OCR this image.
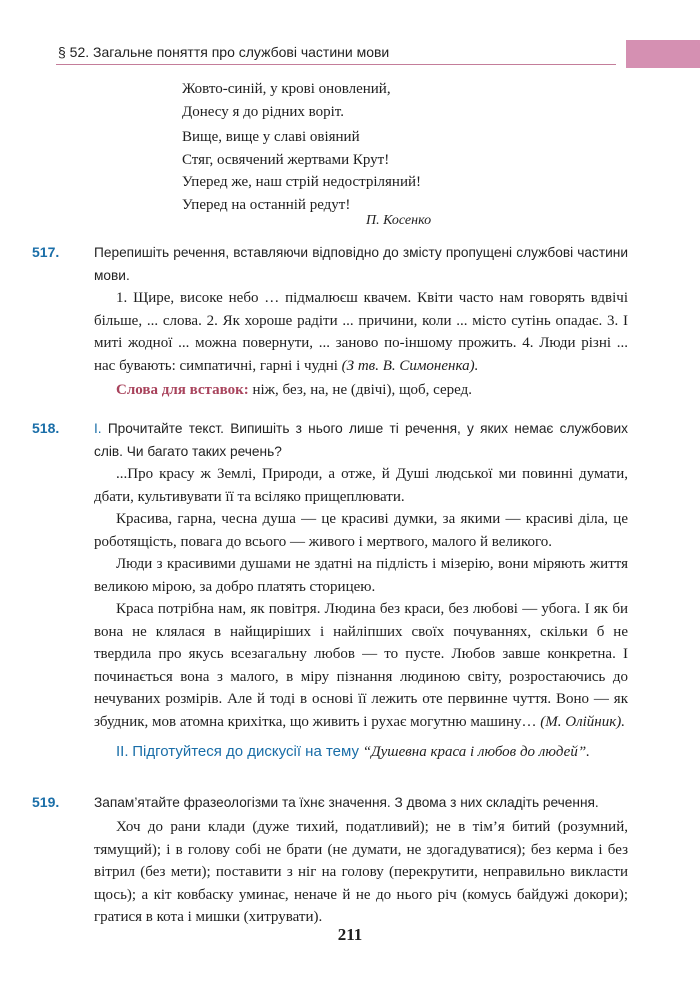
§ 52. Загальне поняття про службові частини мови
Жовто-синій, у крові оновлений,
Донесу я до рідних воріт.
Вище, вище у славі овіяний
Стяг, освячений жертвами Крут!
Уперед же, наш стрій недостріляний!
Уперед на останній редут!
П. Косенко
517.	Перепишіть речення, вставляючи відповідно до змісту пропущені службові частини мови.

1. Щире, високе небо … підмалюєш квачем. Квіти часто нам говорять вдвічі більше, ... слова. 2. Як хороше радіти ... причини, коли ... місто сутінь опадає. 3. І миті жодної ... можна повернути, ... заново по-іншому прожить. 4. Люди різні ... нас бувають: симпатичні, гарні і чудні (З тв. В. Симоненка).

Слова для вставок: ніж, без, на, не (двічі), щоб, серед.

518.	I. Прочитайте текст. Випишіть з нього лише ті речення, у яких немає службових слів. Чи багато таких речень?

...Про красу ж Землі, Природи, а отже, й Душі людської ми повинні думати, дбати, культивувати її та всіляко прищеплювати.

Красива, гарна, чесна душа — це красиві думки, за якими — красиві діла, це роботящість, повага до всього — живого і мертвого, малого й великого.

Люди з красивими душами не здатні на підлість і мізерію, вони міряють життя великою мірою, за добро платять сторицею.

Краса потрібна нам, як повітря. Людина без краси, без любові — убога. І як би вона не клялася в найщиріших і найліпших своїх почуваннях, скільки б не твердила про якусь всезагальну любов — то пусте. Любов завше конкретна. І починається вона з малого, в міру пізнання людиною світу, розростаючись до нечуваних розмірів. Але й тоді в основі її лежить оте первинне чуття. Воно — як збудник, мов атомна крихітка, що живить і рухає могутню машину… (М. Олійник).

II. Підготуйтеся до дискусії на тему “Душевна краса і любов до людей”.

519.	Запам’ятайте фразеологізми та їхнє значення. З двома з них складіть речення.

Хоч до рани клади (дуже тихий, податливий); не в тім’я битий (розумний, тямущий); і в голову собі не брати (не думати, не здогадуватися); без керма і без вітрил (без мети); поставити з ніг на голову (перекрутити, неправильно викласти щось); а кіт ковбаску уминає, неначе й не до нього річ (комусь байдужі докори); гратися в кота і мишки (хитрувати).

211
